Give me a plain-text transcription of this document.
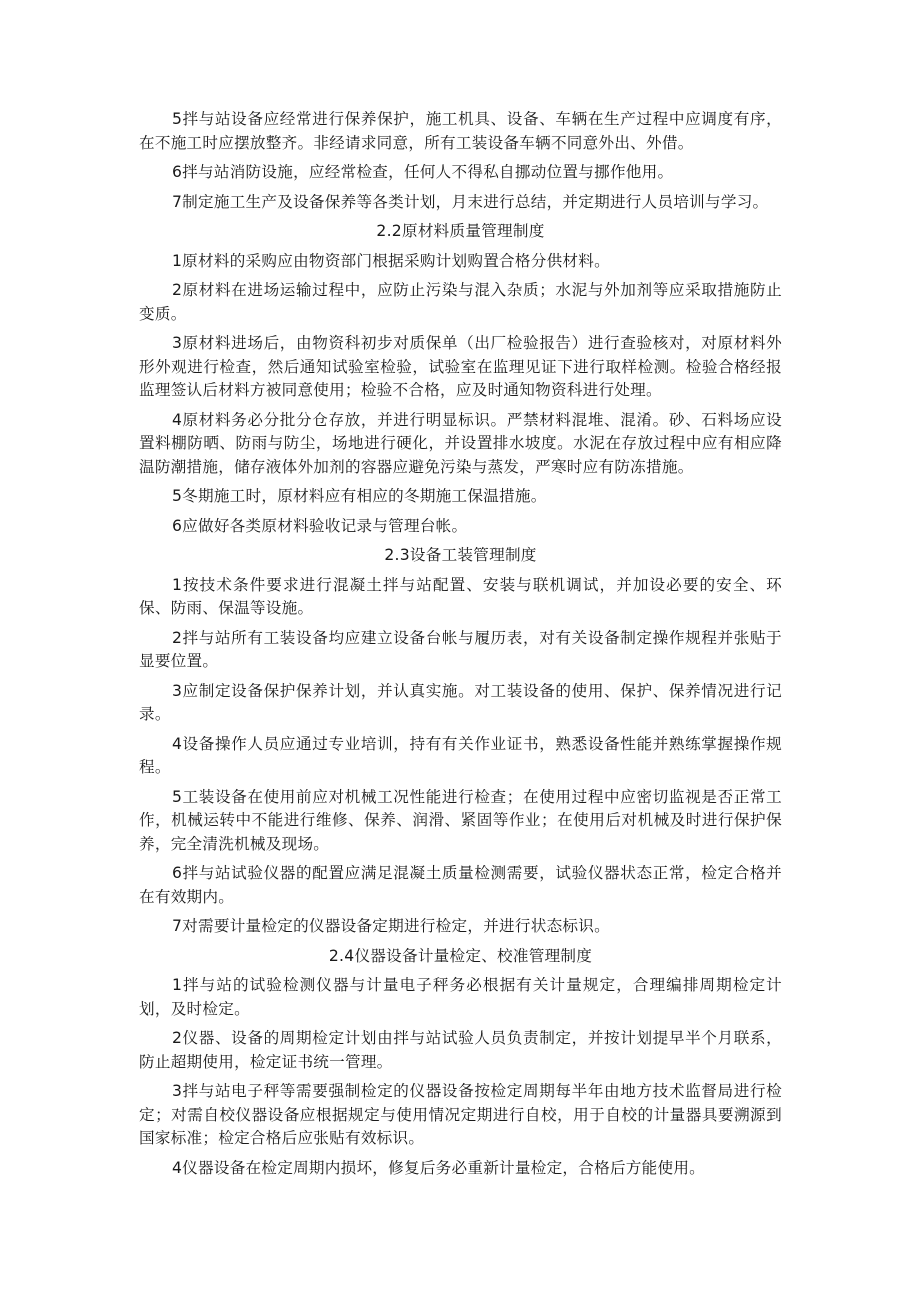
5拌与站设备应经常进行保养保护，施工机具、设备、车辆在生产过程中应调度有序，在不施工时应摆放整齐。非经请求同意，所有工装设备车辆不同意外出、外借。

6拌与站消防设施，应经常检查，任何人不得私自挪动位置与挪作他用。

7制定施工生产及设备保养等各类计划，月末进行总结，并定期进行人员培训与学习。

2.2原材料质量管理制度

1原材料的采购应由物资部门根据采购计划购置合格分供材料。

2原材料在进场运输过程中，应防止污染与混入杂质；水泥与外加剂等应采取措施防止变质。

3原材料进场后，由物资科初步对质保单（出厂检验报告）进行查验核对，对原材料外形外观进行检查，然后通知试验室检验，试验室在监理见证下进行取样检测。检验合格经报监理签认后材料方被同意使用；检验不合格，应及时通知物资科进行处理。

4原材料务必分批分仓存放，并进行明显标识。严禁材料混堆、混淆。砂、石料场应设置料棚防晒、防雨与防尘，场地进行硬化，并设置排水坡度。水泥在存放过程中应有相应降温防潮措施，储存液体外加剂的容器应避免污染与蒸发，严寒时应有防冻措施。

5冬期施工时，原材料应有相应的冬期施工保温措施。

6应做好各类原材料验收记录与管理台帐。

2.3设备工装管理制度

1按技术条件要求进行混凝土拌与站配置、安装与联机调试，并加设必要的安全、环保、防雨、保温等设施。

2拌与站所有工装设备均应建立设备台帐与履历表，对有关设备制定操作规程并张贴于显要位置。

3应制定设备保护保养计划，并认真实施。对工装设备的使用、保护、保养情况进行记录。

4设备操作人员应通过专业培训，持有有关作业证书，熟悉设备性能并熟练掌握操作规程。

5工装设备在使用前应对机械工况性能进行检查；在使用过程中应密切监视是否正常工作，机械运转中不能进行维修、保养、润滑、紧固等作业；在使用后对机械及时进行保护保养，完全清洗机械及现场。

6拌与站试验仪器的配置应满足混凝土质量检测需要，试验仪器状态正常，检定合格并在有效期内。

7对需要计量检定的仪器设备定期进行检定，并进行状态标识。

2.4仪器设备计量检定、校准管理制度

1拌与站的试验检测仪器与计量电子秤务必根据有关计量规定，合理编排周期检定计划，及时检定。

2仪器、设备的周期检定计划由拌与站试验人员负责制定，并按计划提早半个月联系，防止超期使用，检定证书统一管理。

3拌与站电子秤等需要强制检定的仪器设备按检定周期每半年由地方技术监督局进行检定；对需自校仪器设备应根据规定与使用情况定期进行自校，用于自校的计量器具要溯源到国家标准；检定合格后应张贴有效标识。

4仪器设备在检定周期内损坏，修复后务必重新计量检定，合格后方能使用。
